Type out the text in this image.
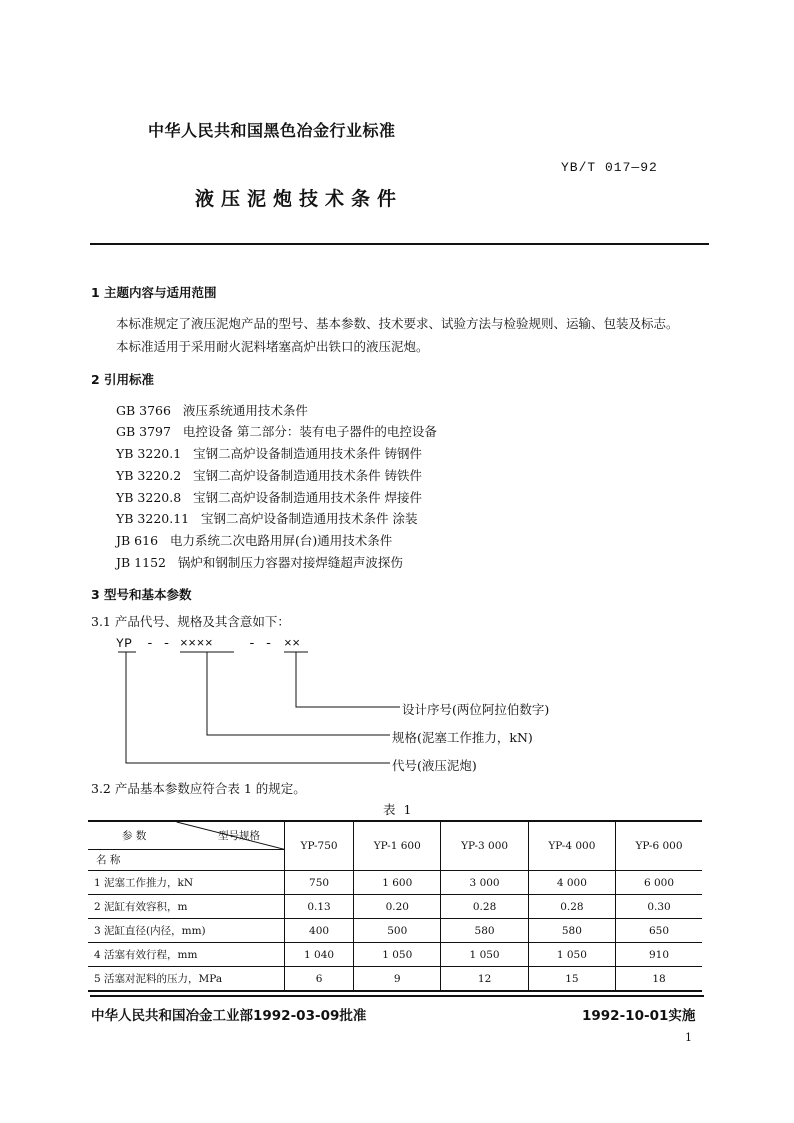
中华人民共和国黑色冶金行业标准
YB/T 017—92
液压泥炮技术条件
1 主题内容与适用范围
本标准规定了液压泥炮产品的型号、基本参数、技术要求、试验方法与检验规则、运输、包装及标志。
本标准适用于采用耐火泥料堵塞高炉出铁口的液压泥炮。
2 引用标准
GB 3766 液压系统通用技术条件
GB 3797 电控设备 第二部分：装有电子器件的电控设备
YB 3220.1 宝钢二高炉设备制造通用技术条件 铸钢件
YB 3220.2 宝钢二高炉设备制造通用技术条件 铸铁件
YB 3220.8 宝钢二高炉设备制造通用技术条件 焊接件
YB 3220.11 宝钢二高炉设备制造通用技术条件 涂装
JB 616 电力系统二次电路用屏(台)通用技术条件
JB 1152 锅炉和钢制压力容器对接焊缝超声波探伤
3 型号和基本参数
3.1 产品代号、规格及其含意如下：
YP - - ××××	- - ××
设计序号(两位阿拉伯数字)
规格(泥塞工作推力，kN)
代号(液压泥炮)
3.2 产品基本参数应符合表 1 的规定。
表 1
参 数 型号规格
名 称	YP-750	YP-1 600	YP-3 000	YP-4 000	YP-6 000
1 泥塞工作推力，kN	750	1 600	3 000	4 000	6 000
2 泥缸有效容积，m	0.13	0.20	0.28	0.28	0.30
3 泥缸直径(内径，mm)	400	500	580	580	650
4 活塞有效行程，mm	1 040	1 050	1 050	1 050	910
5 活塞对泥料的压力，MPa	6	9	12	15	18
中华人民共和国冶金工业部1992-03-09批准	1992-10-01实施
1
